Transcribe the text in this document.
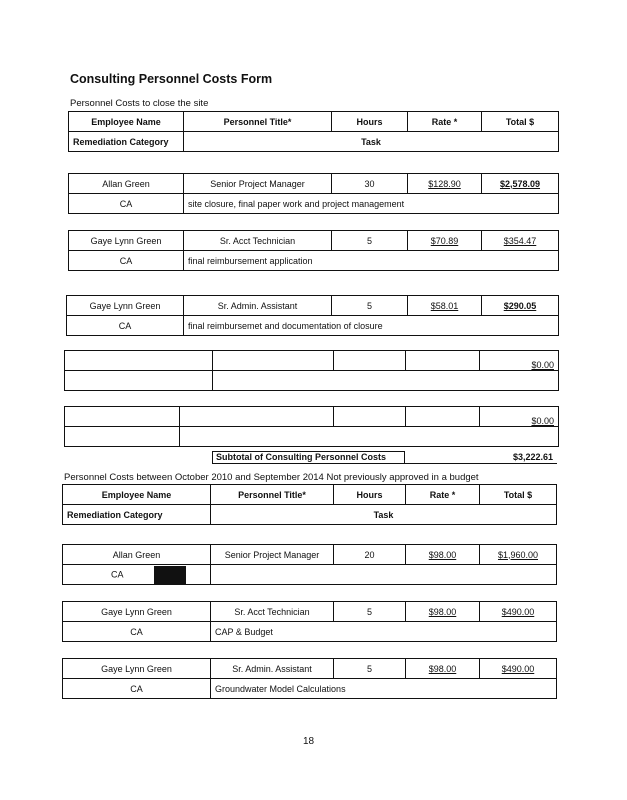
Consulting Personnel Costs Form
Personnel Costs to close the site
Employee Name	Personnel Title*	Hours	Rate *	Total $
Remediation Category	Task			
Allan Green	Senior Project Manager	30	$128.90	$2,578.09
CA	site closure, final paper work and project management			
Gaye Lynn Green	Sr. Acct Technician	5	$70.89	$354.47
CA	final reimbursement application			
Gaye Lynn Green	Sr. Admin. Assistant	5	$58.01	$290.05
CA	final reimbursemet and documentation of closure			
				$0.00

				$0.00

Subtotal of Consulting Personnel Costs	$3,222.61
Personnel Costs between October 2010 and September 2014 Not previously approved in a budget
Employee Name	Personnel Title*	Hours	Rate *	Total $
Remediation Category	Task			
Allan Green	Senior Project Manager	20	$98.00	$1,960.00
CA				
Gaye Lynn Green	Sr. Acct Technician	5	$98.00	$490.00
CA	CAP & Budget			
Gaye Lynn Green	Sr. Admin. Assistant	5	$98.00	$490.00
CA	Groundwater Model Calculations			
18
